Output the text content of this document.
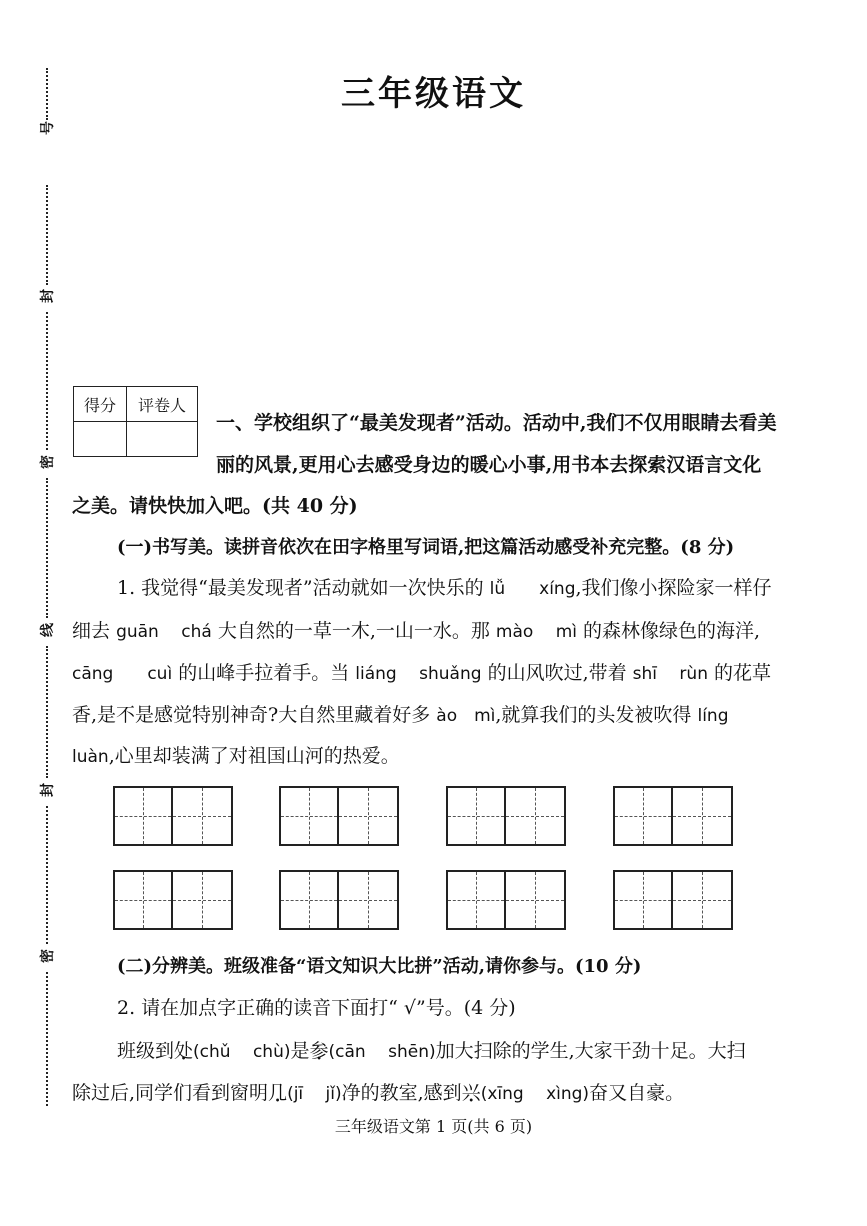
号
封
密
线
封
密
三年级语文
得分	评卷人

一、学校组织了“最美发现者”活动。活动中,我们不仅用眼睛去看美
丽的风景,更用心去感受身边的暖心小事,用书本去探索汉语言文化
之美。请快快加入吧。(共 40 分)
(一)书写美。读拼音依次在田字格里写词语,把这篇活动感受补充完整。(8 分)
1. 我觉得“最美发现者”活动就如一次快乐的 lǚ　　xíng,我们像小探险家一样仔
细去 guān　 chá 大自然的一草一木,一山一水。那 mào　 mì 的森林像绿色的海洋,
cāng　　cuì 的山峰手拉着手。当 liáng　 shuǎng 的山风吹过,带着 shī　 rùn 的花草
香,是不是感觉特别神奇?大自然里藏着好多 ào　mì,就算我们的头发被吹得 líng
luàn,心里却装满了对祖国山河的热爱。
(二)分辨美。班级准备“语文知识大比拼”活动,请你参与。(10 分)
2. 请在加点字正确的读音下面打“ √”号。(4 分)
班级到处(chǔ　 chù)是参(cān　 shēn)加大扫除的学生,大家干劲十足。大扫
除过后,同学们看到窗明几(jī　 jǐ)净的教室,感到兴(xīng　 xìng)奋又自豪。
三年级语文第 1 页(共 6 页)
